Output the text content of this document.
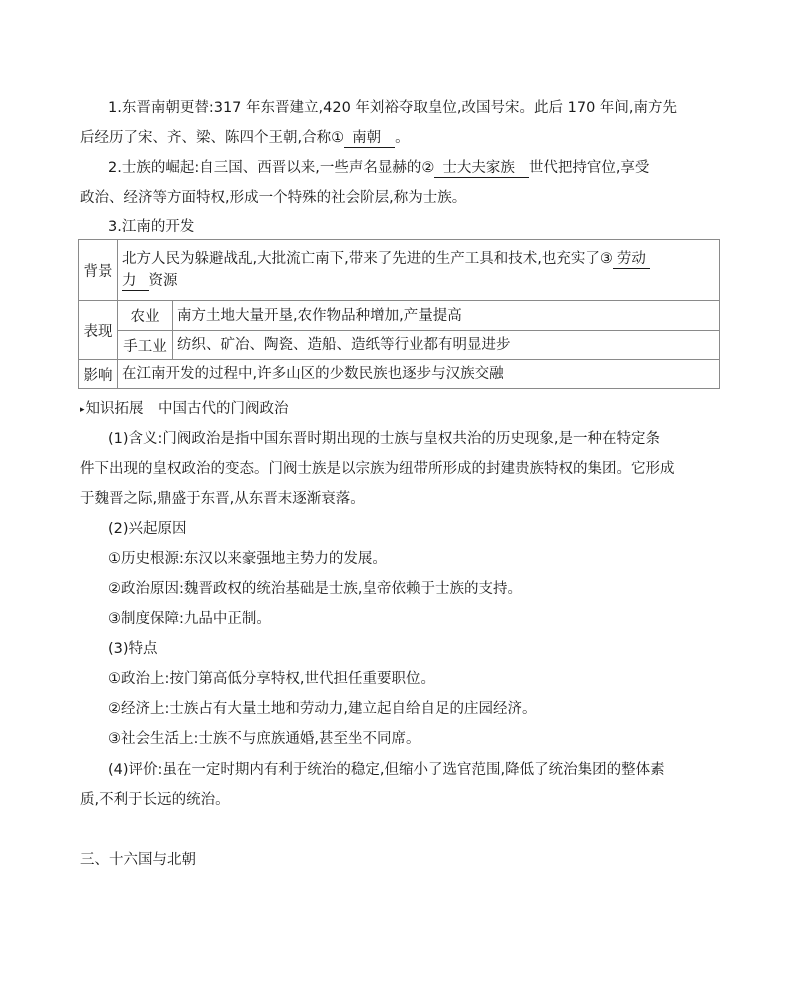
1.东晋南朝更替:317 年东晋建立,420 年刘裕夺取皇位,改国号宋。此后 170 年间,南方先
后经历了宋、齐、梁、陈四个王朝,合称① 南朝 。
2.士族的崛起:自三国、西晋以来,一些声名显赫的② 士大夫家族 世代把持官位,享受
政治、经济等方面特权,形成一个特殊的社会阶层,称为士族。
3.江南的开发
背景	北方人民为躲避战乱,大批流亡南下,带来了先进的生产工具和技术,也充实了③ 劳动
力 资源	
表现	农业	南方土地大量开垦,农作物品种增加,产量提高
	手工业	纺织、矿冶、陶瓷、造船、造纸等行业都有明显进步
影响	在江南开发的过程中,许多山区的少数民族也逐步与汉族交融	
▸知识拓展　中国古代的门阀政治
(1)含义:门阀政治是指中国东晋时期出现的士族与皇权共治的历史现象,是一种在特定条
件下出现的皇权政治的变态。门阀士族是以宗族为纽带所形成的封建贵族特权的集团。它形成
于魏晋之际,鼎盛于东晋,从东晋末逐渐衰落。
(2)兴起原因
①历史根源:东汉以来豪强地主势力的发展。
②政治原因:魏晋政权的统治基础是士族,皇帝依赖于士族的支持。
③制度保障:九品中正制。
(3)特点
①政治上:按门第高低分享特权,世代担任重要职位。
②经济上:士族占有大量土地和劳动力,建立起自给自足的庄园经济。
③社会生活上:士族不与庶族通婚,甚至坐不同席。
(4)评价:虽在一定时期内有利于统治的稳定,但缩小了选官范围,降低了统治集团的整体素
质,不利于长远的统治。
三、十六国与北朝
